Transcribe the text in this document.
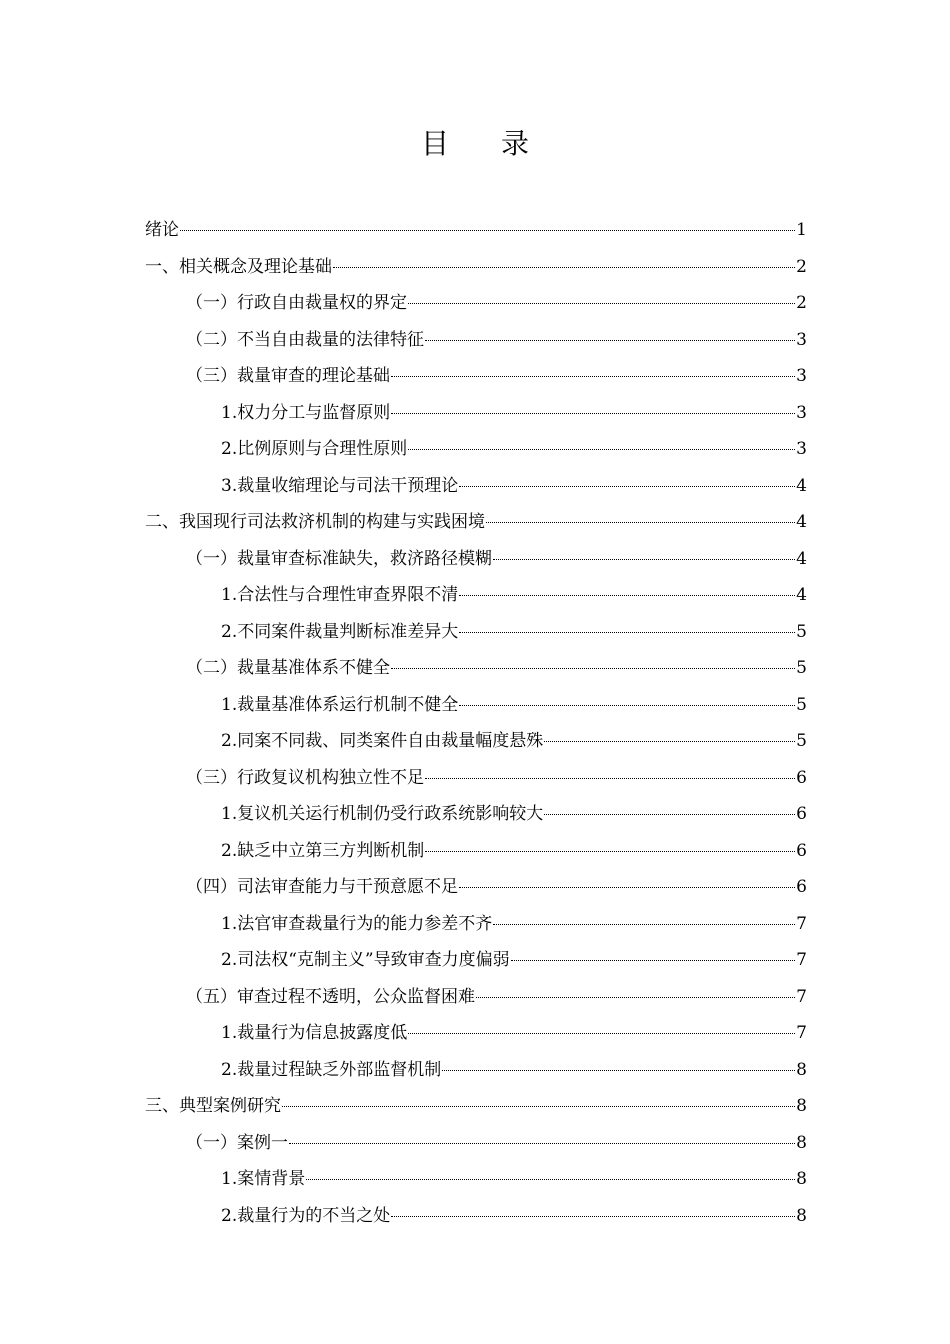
目 录
绪论	1
一、相关概念及理论基础	2
（一）行政自由裁量权的界定	2
（二）不当自由裁量的法律特征	3
（三）裁量审查的理论基础	3
1.权力分工与监督原则	3
2.比例原则与合理性原则	3
3.裁量收缩理论与司法干预理论	4
二、我国现行司法救济机制的构建与实践困境	4
（一）裁量审查标准缺失，救济路径模糊	4
1.合法性与合理性审查界限不清	4
2.不同案件裁量判断标准差异大	5
（二）裁量基准体系不健全	5
1.裁量基准体系运行机制不健全	5
2.同案不同裁、同类案件自由裁量幅度悬殊	5
（三）行政复议机构独立性不足	6
1.复议机关运行机制仍受行政系统影响较大	6
2.缺乏中立第三方判断机制	6
（四）司法审查能力与干预意愿不足	6
1.法官审查裁量行为的能力参差不齐	7
2.司法权“克制主义”导致审查力度偏弱	7
（五）审查过程不透明，公众监督困难	7
1.裁量行为信息披露度低	7
2.裁量过程缺乏外部监督机制	8
三、典型案例研究	8
（一）案例一	8
1.案情背景	8
2.裁量行为的不当之处	8
